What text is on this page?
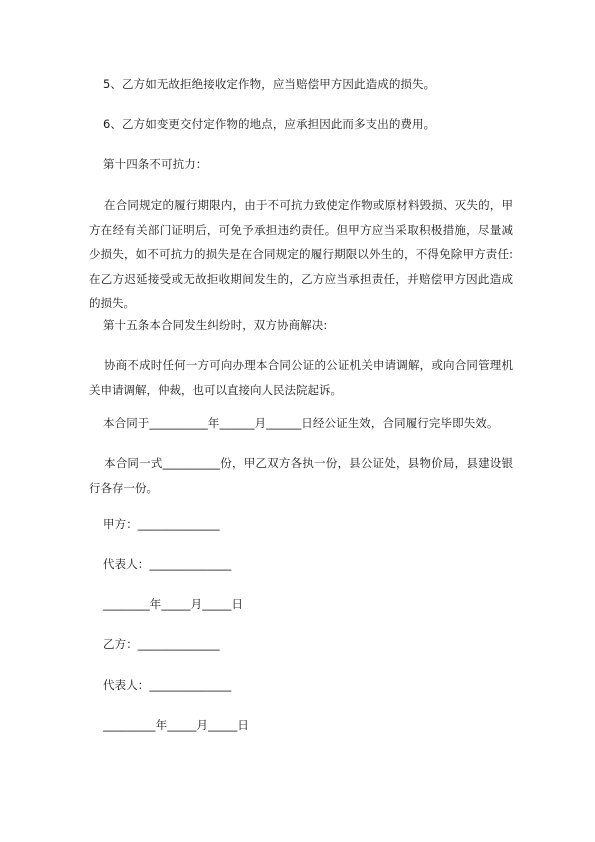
5、乙方如无故拒绝接收定作物，应当赔偿甲方因此造成的损失。
6、乙方如变更交付定作物的地点，应承担因此而多支出的费用。
第十四条不可抗力：
在合同规定的履行期限内，由于不可抗力致使定作物或原材料毁损、灭失的，甲方在经有关部门证明后，可免予承担违约责任。但甲方应当采取积极措施，尽量减少损失，如不可抗力的损失是在合同规定的履行期限以外生的，不得免除甲方责任:在乙方迟延接受或无故拒收期间发生的，乙方应当承担责任，并赔偿甲方因此造成的损失。
第十五条本合同发生纠纷时，双方协商解决:
协商不成时任何一方可向办理本合同公证的公证机关申请调解，或向合同管理机关申请调解，仲裁，也可以直接向人民法院起诉。
本合同于__________年______月______日经公证生效，合同履行完毕即失效。
本合同一式__________份，甲乙双方各执一份，县公证处，县物价局，县建设银行各存一份。
甲方：______________
代表人：______________
________年_____月_____日
乙方：______________
代表人：______________
_________年_____月_____日
